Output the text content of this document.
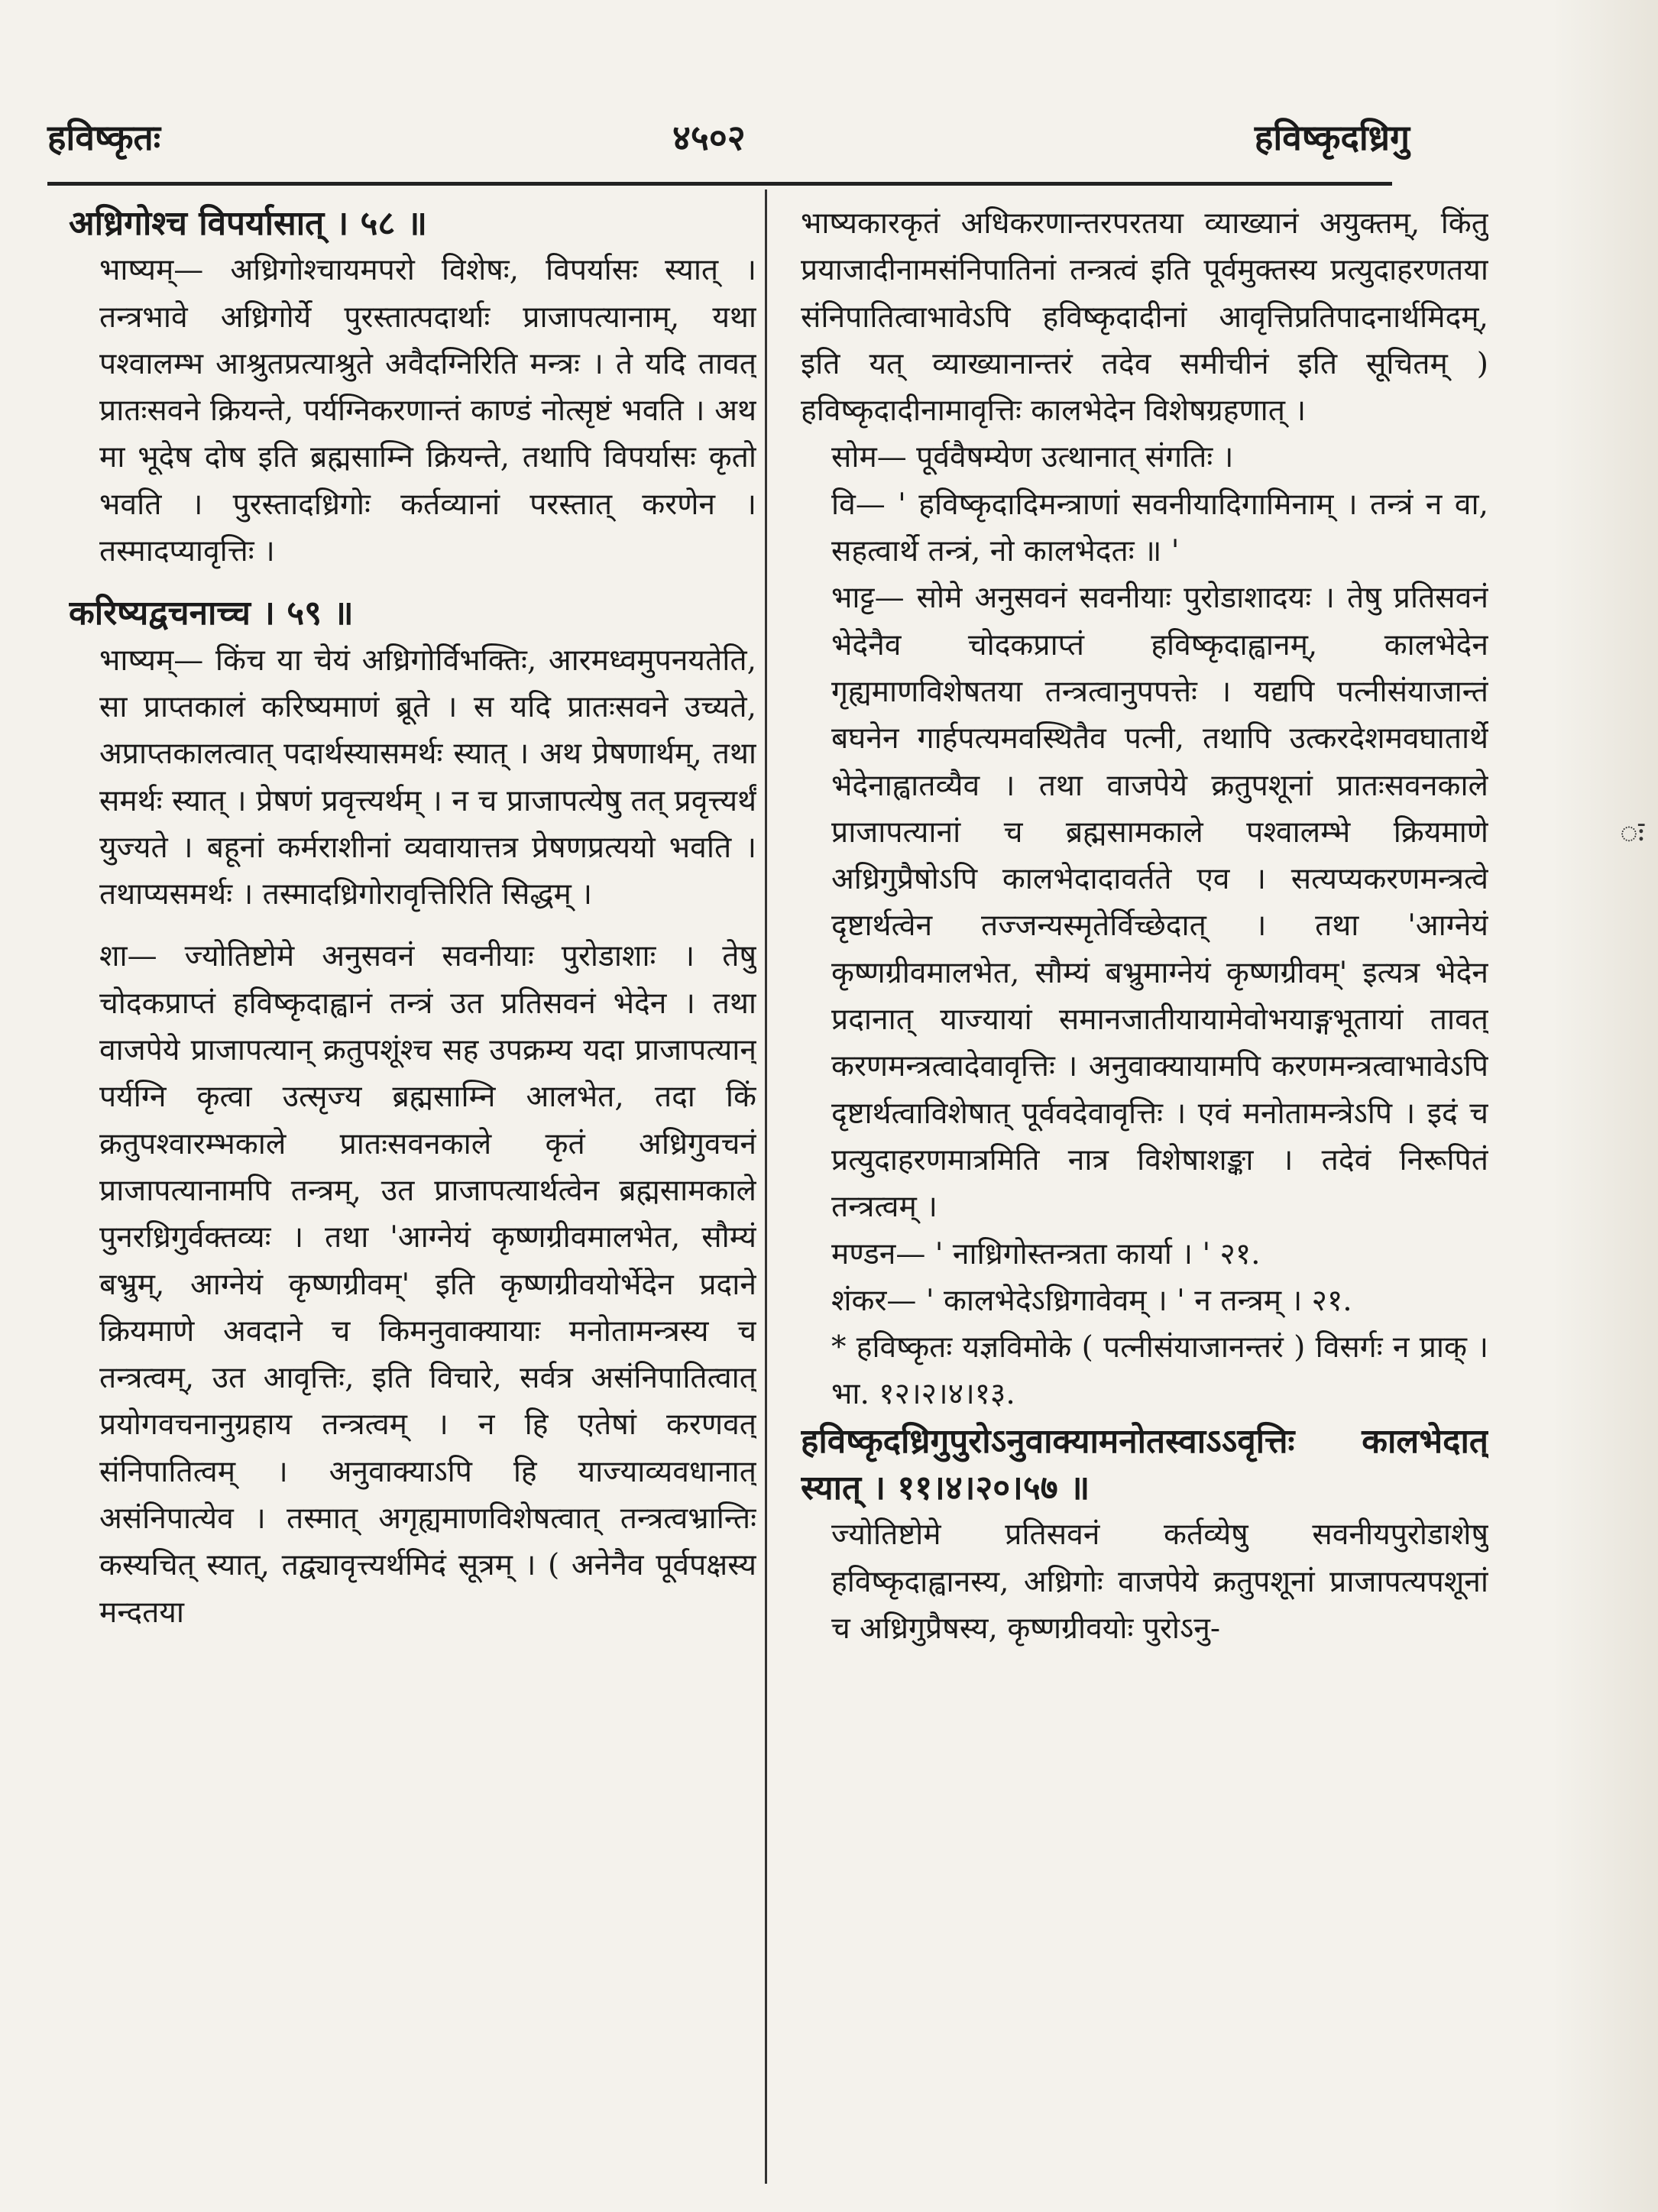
हविष्कृतः	४५०२	हविष्कृदध्रिगु

अध्रिगोश्च विपर्यासात् । ५८ ॥

भाष्यम्— अध्रिगोश्चायमपरो विशेषः, विपर्यासः स्यात् । तन्त्रभावे अध्रिगोर्ये पुरस्तात्पदार्थाः प्राजापत्यानाम्, यथा पश्वालम्भ आश्रुतप्रत्याश्रुते अवैदग्निरिति मन्त्रः । ते यदि तावत् प्रातःसवने क्रियन्ते, पर्यग्निकरणान्तं काण्डं नोत्सृष्टं भवति । अथ मा भूदेष दोष इति ब्रह्मसाम्नि क्रियन्ते, तथापि विपर्यासः कृतो भवति । पुरस्तादध्रिगोः कर्तव्यानां परस्तात् करणेन । तस्मादप्यावृत्तिः ।

करिष्यद्वचनाच्च । ५९ ॥

भाष्यम्— किंच या चेयं अध्रिगोर्विभक्तिः, आरमध्वमुपनयतेति, सा प्राप्तकालं करिष्यमाणं ब्रूते । स यदि प्रातःसवने उच्यते, अप्राप्तकालत्वात् पदार्थस्यासमर्थः स्यात् । अथ प्रेषणार्थम्, तथा समर्थः स्यात् । प्रेषणं प्रवृत्त्यर्थम् । न च प्राजापत्येषु तत् प्रवृत्त्यर्थं युज्यते । बहूनां कर्मराशीनां व्यवायात्तत्र प्रेषणप्रत्ययो भवति । तथाप्यसमर्थः । तस्मादध्रिगोरावृत्तिरिति सिद्धम् ।

शा— ज्योतिष्टोमे अनुसवनं सवनीयाः पुरोडाशाः । तेषु चोदकप्राप्तं हविष्कृदाह्वानं तन्त्रं उत प्रतिसवनं भेदेन । तथा वाजपेये प्राजापत्यान् क्रतुपशूंश्च सह उपक्रम्य यदा प्राजापत्यान् पर्यग्नि कृत्वा उत्सृज्य ब्रह्मसाम्नि आलभेत, तदा किं क्रतुपश्वारम्भकाले प्रातःसवनकाले कृतं अध्रिगुवचनं प्राजापत्यानामपि तन्त्रम्, उत प्राजापत्यार्थत्वेन ब्रह्मसामकाले पुनरध्रिगुर्वक्तव्यः । तथा 'आग्नेयं कृष्णग्रीवमालभेत, सौम्यं बभ्रुम्, आग्नेयं कृष्णग्रीवम्' इति कृष्णग्रीवयोर्भेदेन प्रदाने क्रियमाणे अवदाने च किमनुवाक्यायाः मनोतामन्त्रस्य च तन्त्रत्वम्, उत आवृत्तिः, इति विचारे, सर्वत्र असंनिपातित्वात् प्रयोगवचनानुग्रहाय तन्त्रत्वम् । न हि एतेषां करणवत् संनिपातित्वम् । अनुवाक्याऽपि हि याज्याव्यवधानात् असंनिपात्येव । तस्मात् अगृह्यमाणविशेषत्वात् तन्त्रत्वभ्रान्तिः कस्यचित् स्यात्, तद्व्यावृत्त्यर्थमिदं सूत्रम् । ( अनेनैव पूर्वपक्षस्य मन्दतया

भाष्यकारकृतं अधिकरणान्तरपरतया व्याख्यानं अयुक्तम्, किंतु प्रयाजादीनामसंनिपातिनां तन्त्रत्वं इति पूर्वमुक्तस्य प्रत्युदाहरणतया संनिपातित्वाभावेऽपि हविष्कृदादीनां आवृत्तिप्रतिपादनार्थमिदम्, इति यत् व्याख्यानान्तरं तदेव समीचीनं इति सूचितम् ) हविष्कृदादीनामावृत्तिः कालभेदेन विशेषग्रहणात् ।

सोम— पूर्ववैषम्येण उत्थानात् संगतिः ।

वि— ' हविष्कृदादिमन्त्राणां सवनीयादिगामिनाम् । तन्त्रं न वा, सहत्वार्थे तन्त्रं, नो कालभेदतः ॥ '

भाट्ट— सोमे अनुसवनं सवनीयाः पुरोडाशादयः । तेषु प्रतिसवनं भेदेनैव चोदकप्राप्तं हविष्कृदाह्वानम्, कालभेदेन गृह्यमाणविशेषतया तन्त्रत्वानुपपत्तेः । यद्यपि पत्नीसंयाजान्तं बघनेन गार्हपत्यमवस्थितैव पत्नी, तथापि उत्करदेशमवघातार्थे भेदेनाह्वातव्यैव । तथा वाजपेये क्रतुपशूनां प्रातःसवनकाले प्राजापत्यानां च ब्रह्मसामकाले पश्वालम्भे क्रियमाणे अध्रिगुप्रैषोऽपि कालभेदादावर्तते एव । सत्यप्यकरणमन्त्रत्वे दृष्टार्थत्वेन तज्जन्यस्मृतेर्विच्छेदात् । तथा 'आग्नेयं कृष्णग्रीवमालभेत, सौम्यं बभ्रुमाग्नेयं कृष्णग्रीवम्' इत्यत्र भेदेन प्रदानात् याज्यायां समानजातीयायामेवोभयाङ्गभूतायां तावत् करणमन्त्रत्वादेवावृत्तिः । अनुवाक्यायामपि करणमन्त्रत्वाभावेऽपि दृष्टार्थत्वाविशेषात् पूर्ववदेवावृत्तिः । एवं मनोतामन्त्रेऽपि । इदं च प्रत्युदाहरणमात्रमिति नात्र विशेषाशङ्का । तदेवं निरूपितं तन्त्रत्वम् ।

मण्डन— ' नाध्रिगोस्तन्त्रता कार्या । ' २१.

शंकर— ' कालभेदेऽध्रिगावेवम् । ' न तन्त्रम् । २१.

* हविष्कृतः यज्ञविमोके ( पत्नीसंयाजानन्तरं ) विसर्गः न प्राक् । भा. १२।२।४।१३.

हविष्कृदध्रिगुपुरोऽनुवाक्यामनोतस्वाऽऽवृत्तिः कालभेदात् स्यात् । ११।४।२०।५७ ॥

ज्योतिष्टोमे प्रतिसवनं कर्तव्येषु सवनीयपुरोडाशेषु हविष्कृदाह्वानस्य, अध्रिगोः वाजपेये क्रतुपशूनां प्राजापत्यपशूनां च अध्रिगुप्रैषस्य, कृष्णग्रीवयोः पुरोऽनु-

ः
